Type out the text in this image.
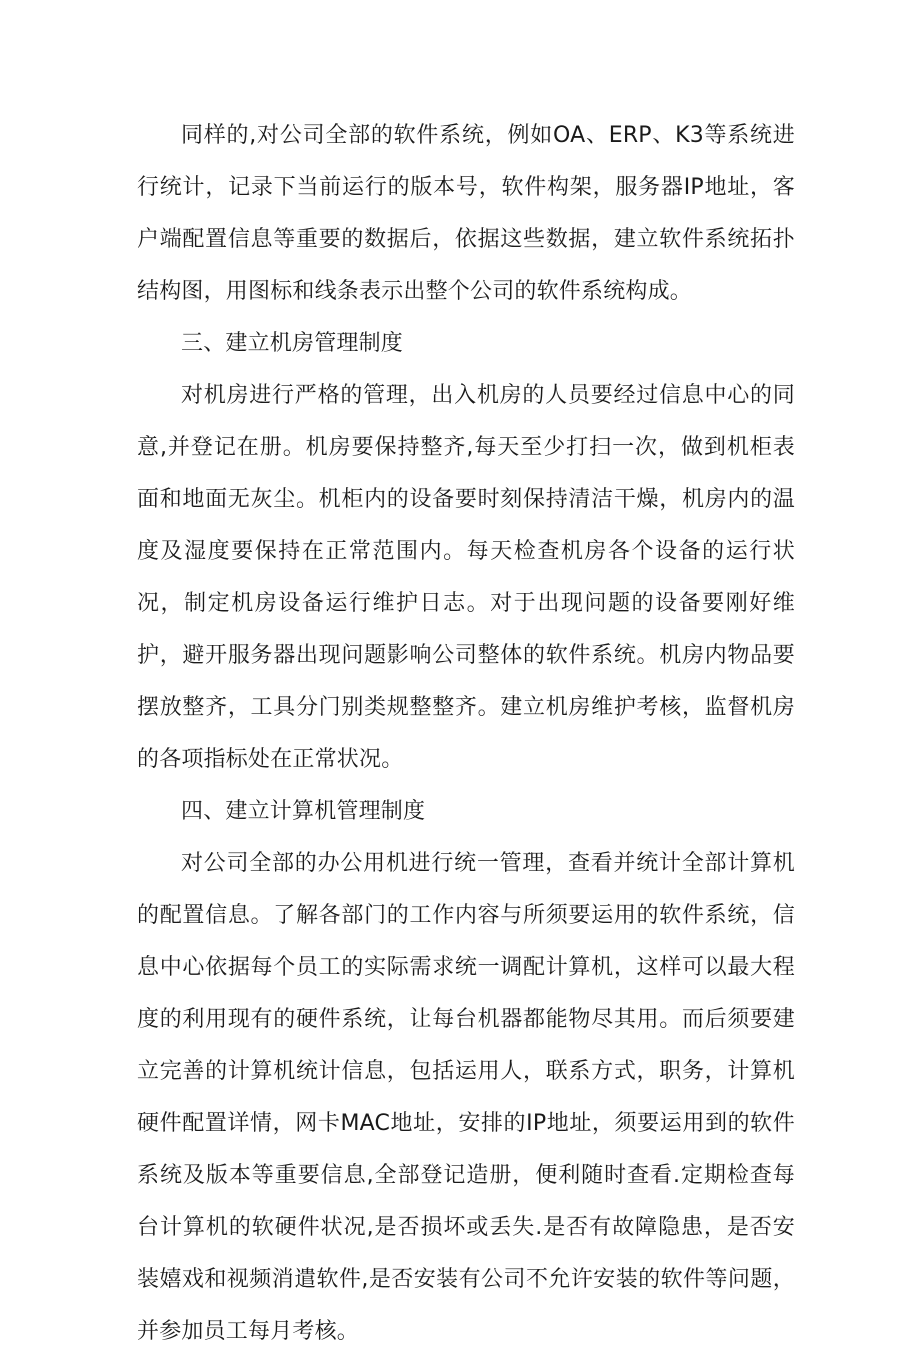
同样的,对公司全部的软件系统，例如OA、ERP、K3等系统进行统计，记录下当前运行的版本号，软件构架，服务器IP地址，客户端配置信息等重要的数据后，依据这些数据，建立软件系统拓扑结构图，用图标和线条表示出整个公司的软件系统构成。

三、建立机房管理制度

对机房进行严格的管理，出入机房的人员要经过信息中心的同意,并登记在册。机房要保持整齐,每天至少打扫一次，做到机柜表面和地面无灰尘。机柜内的设备要时刻保持清洁干燥，机房内的温度及湿度要保持在正常范围内。每天检查机房各个设备的运行状况，制定机房设备运行维护日志。对于出现问题的设备要刚好维护，避开服务器出现问题影响公司整体的软件系统。机房内物品要摆放整齐，工具分门别类规整整齐。建立机房维护考核，监督机房的各项指标处在正常状况。

四、建立计算机管理制度

对公司全部的办公用机进行统一管理，查看并统计全部计算机的配置信息。了解各部门的工作内容与所须要运用的软件系统，信息中心依据每个员工的实际需求统一调配计算机，这样可以最大程度的利用现有的硬件系统，让每台机器都能物尽其用。而后须要建立完善的计算机统计信息，包括运用人，联系方式，职务，计算机硬件配置详情，网卡MAC地址，安排的IP地址，须要运用到的软件系统及版本等重要信息,全部登记造册，便利随时查看.定期检查每台计算机的软硬件状况,是否损坏或丢失.是否有故障隐患，是否安装嬉戏和视频消遣软件,是否安装有公司不允许安装的软件等问题，并参加员工每月考核。
